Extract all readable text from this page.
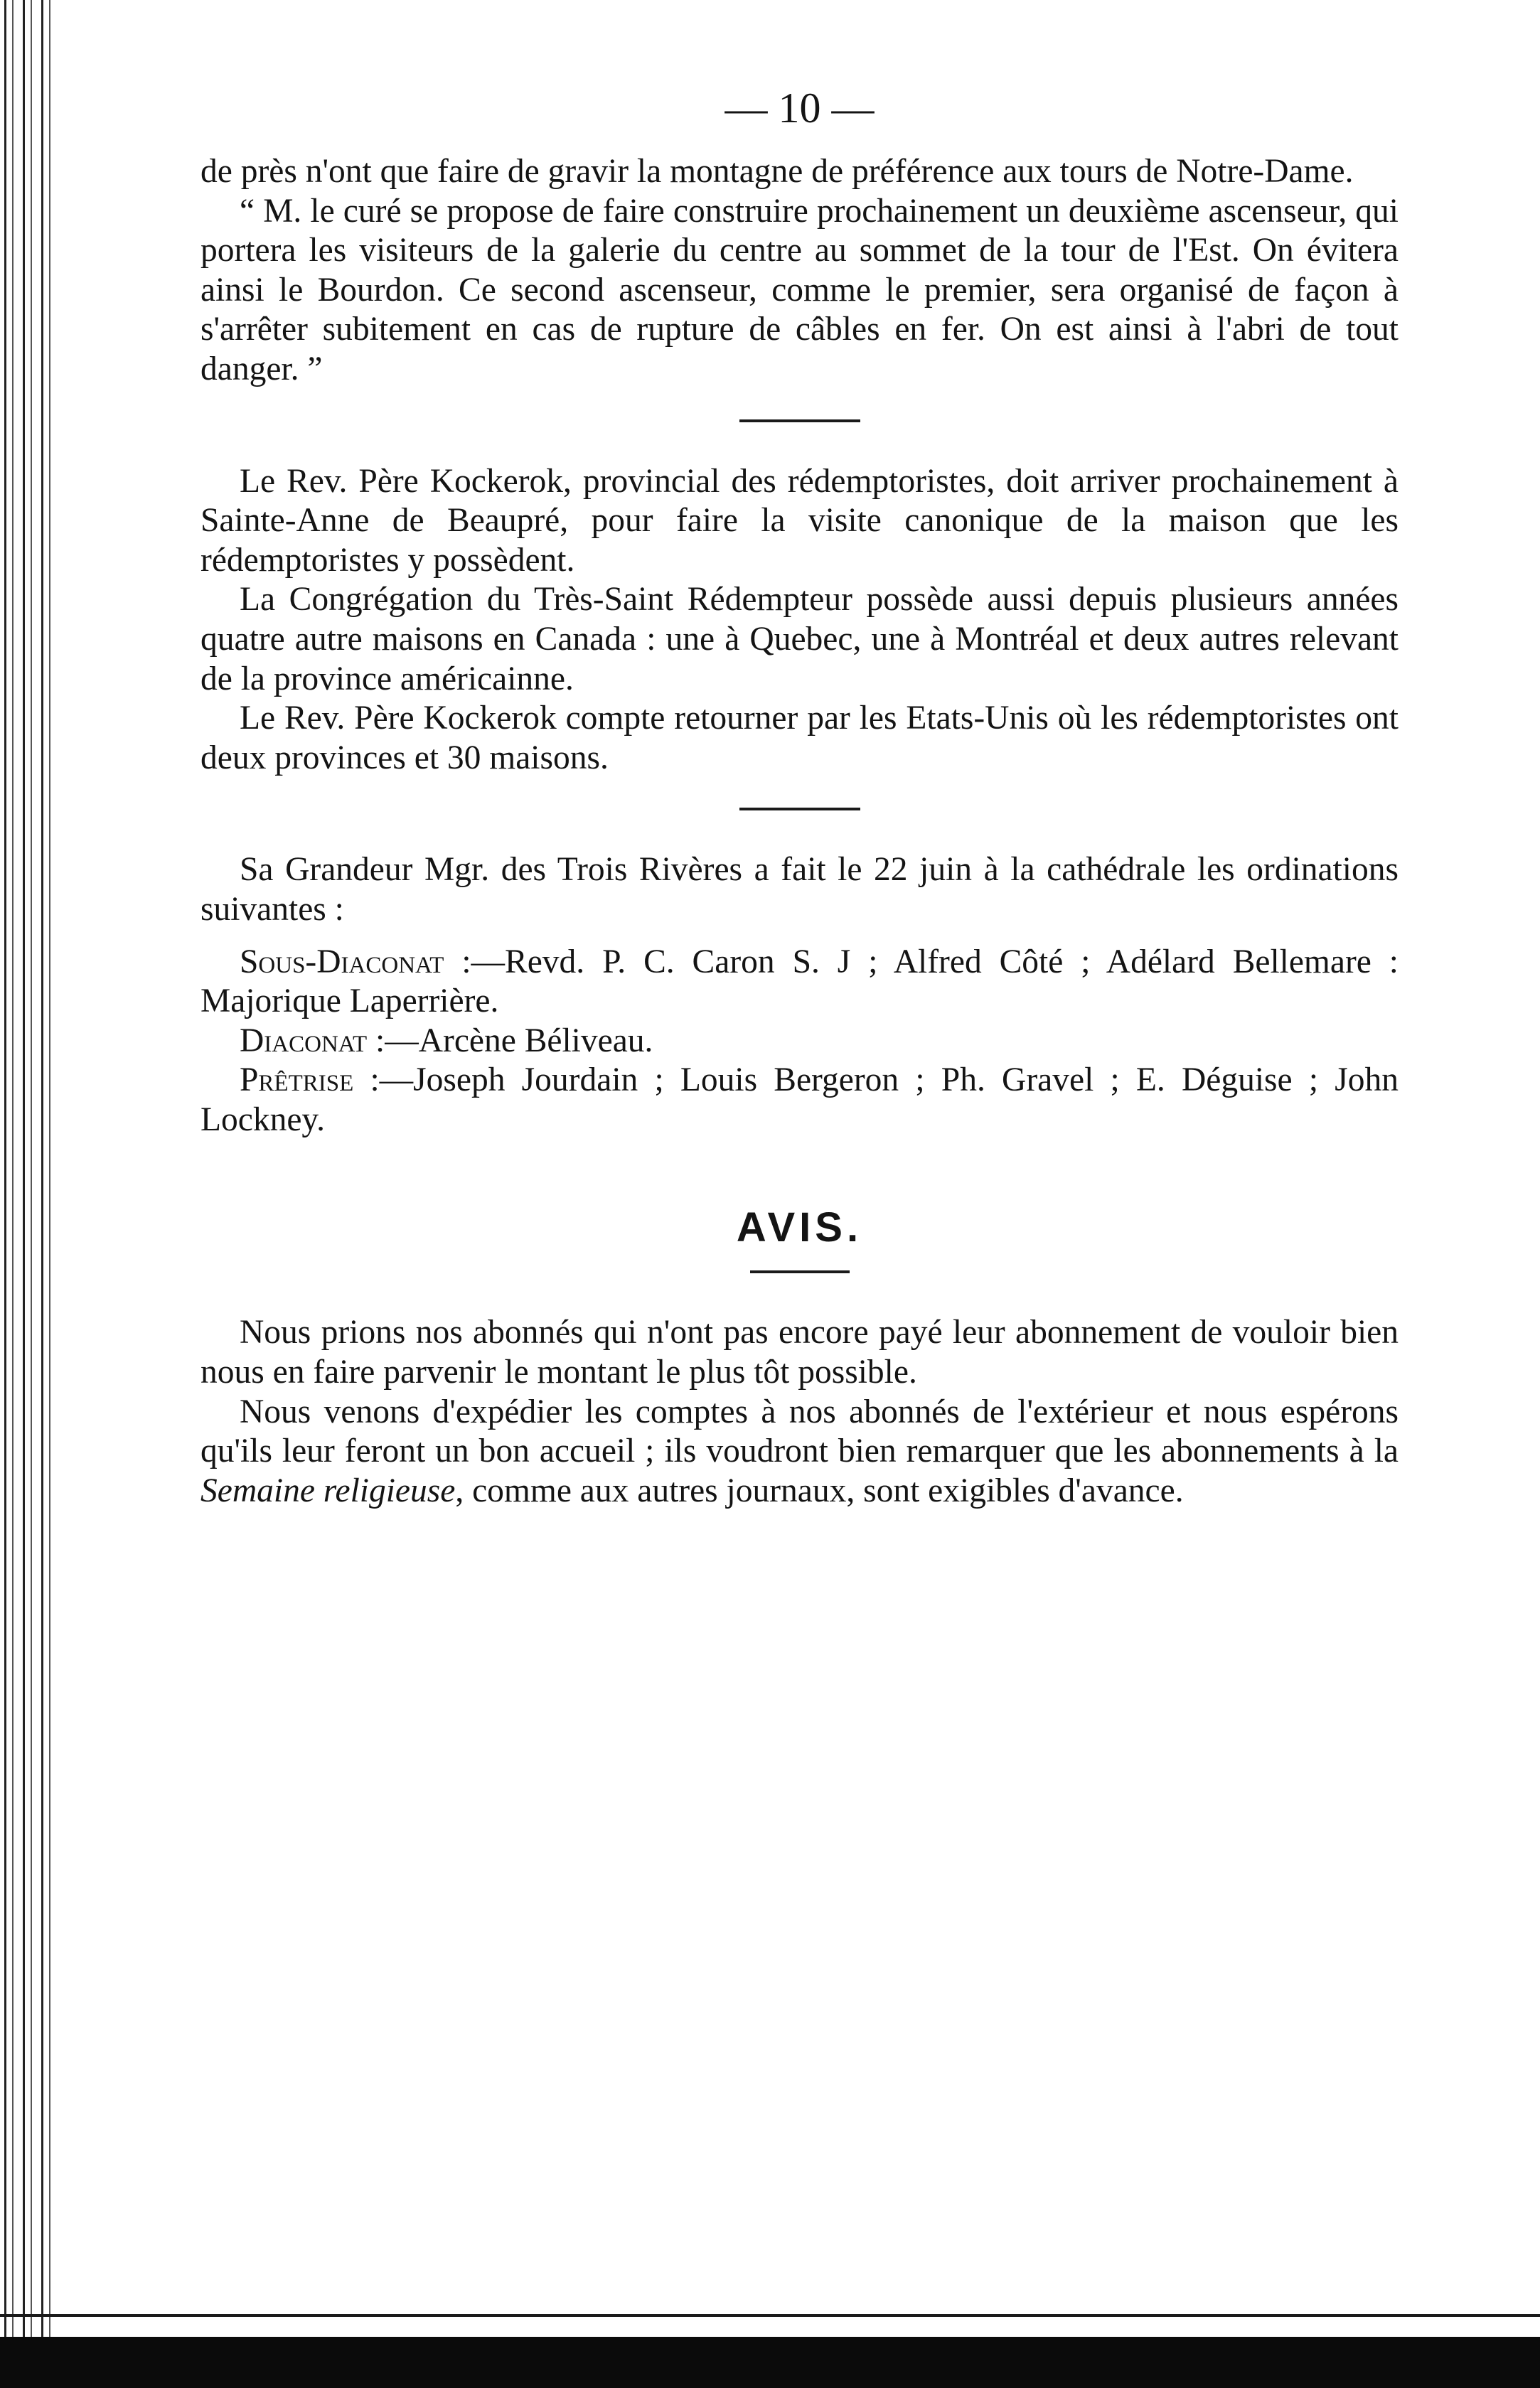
— 10 —

de près n'ont que faire de gravir la montagne de préférence aux tours de Notre-Dame.

“ M. le curé se propose de faire construire prochainement un deuxième ascenseur, qui portera les visiteurs de la galerie du centre au sommet de la tour de l'Est. On évitera ainsi le Bourdon. Ce second ascenseur, comme le premier, sera organisé de façon à s'arrêter subitement en cas de rupture de câbles en fer. On est ainsi à l'abri de tout danger. ”

Le Rev. Père Kockerok, provincial des rédemptoristes, doit arriver prochainement à Sainte-Anne de Beaupré, pour faire la visite canonique de la maison que les rédemptoristes y possèdent.

La Congrégation du Très-Saint Rédempteur possède aussi depuis plusieurs années quatre autre maisons en Canada : une à Quebec, une à Montréal et deux autres relevant de la province américainne.

Le Rev. Père Kockerok compte retourner par les Etats-Unis où les rédemptoristes ont deux provinces et 30 maisons.

Sa Grandeur Mgr. des Trois Rivères a fait le 22 juin à la cathédrale les ordinations suivantes :

Sous-Diaconat :—Revd. P. C. Caron S. J ; Alfred Côté ; Adélard Bellemare : Majorique Laperrière.

Diaconat :—Arcène Béliveau.

Prêtrise :—Joseph Jourdain ; Louis Bergeron ; Ph. Gravel ; E. Déguise ; John Lockney.

AVIS.

Nous prions nos abonnés qui n'ont pas encore payé leur abonnement de vouloir bien nous en faire parvenir le montant le plus tôt possible.

Nous venons d'expédier les comptes à nos abonnés de l'extérieur et nous espérons qu'ils leur feront un bon accueil ; ils voudront bien remarquer que les abonnements à la Semaine religieuse, comme aux autres journaux, sont exigibles d'avance.
